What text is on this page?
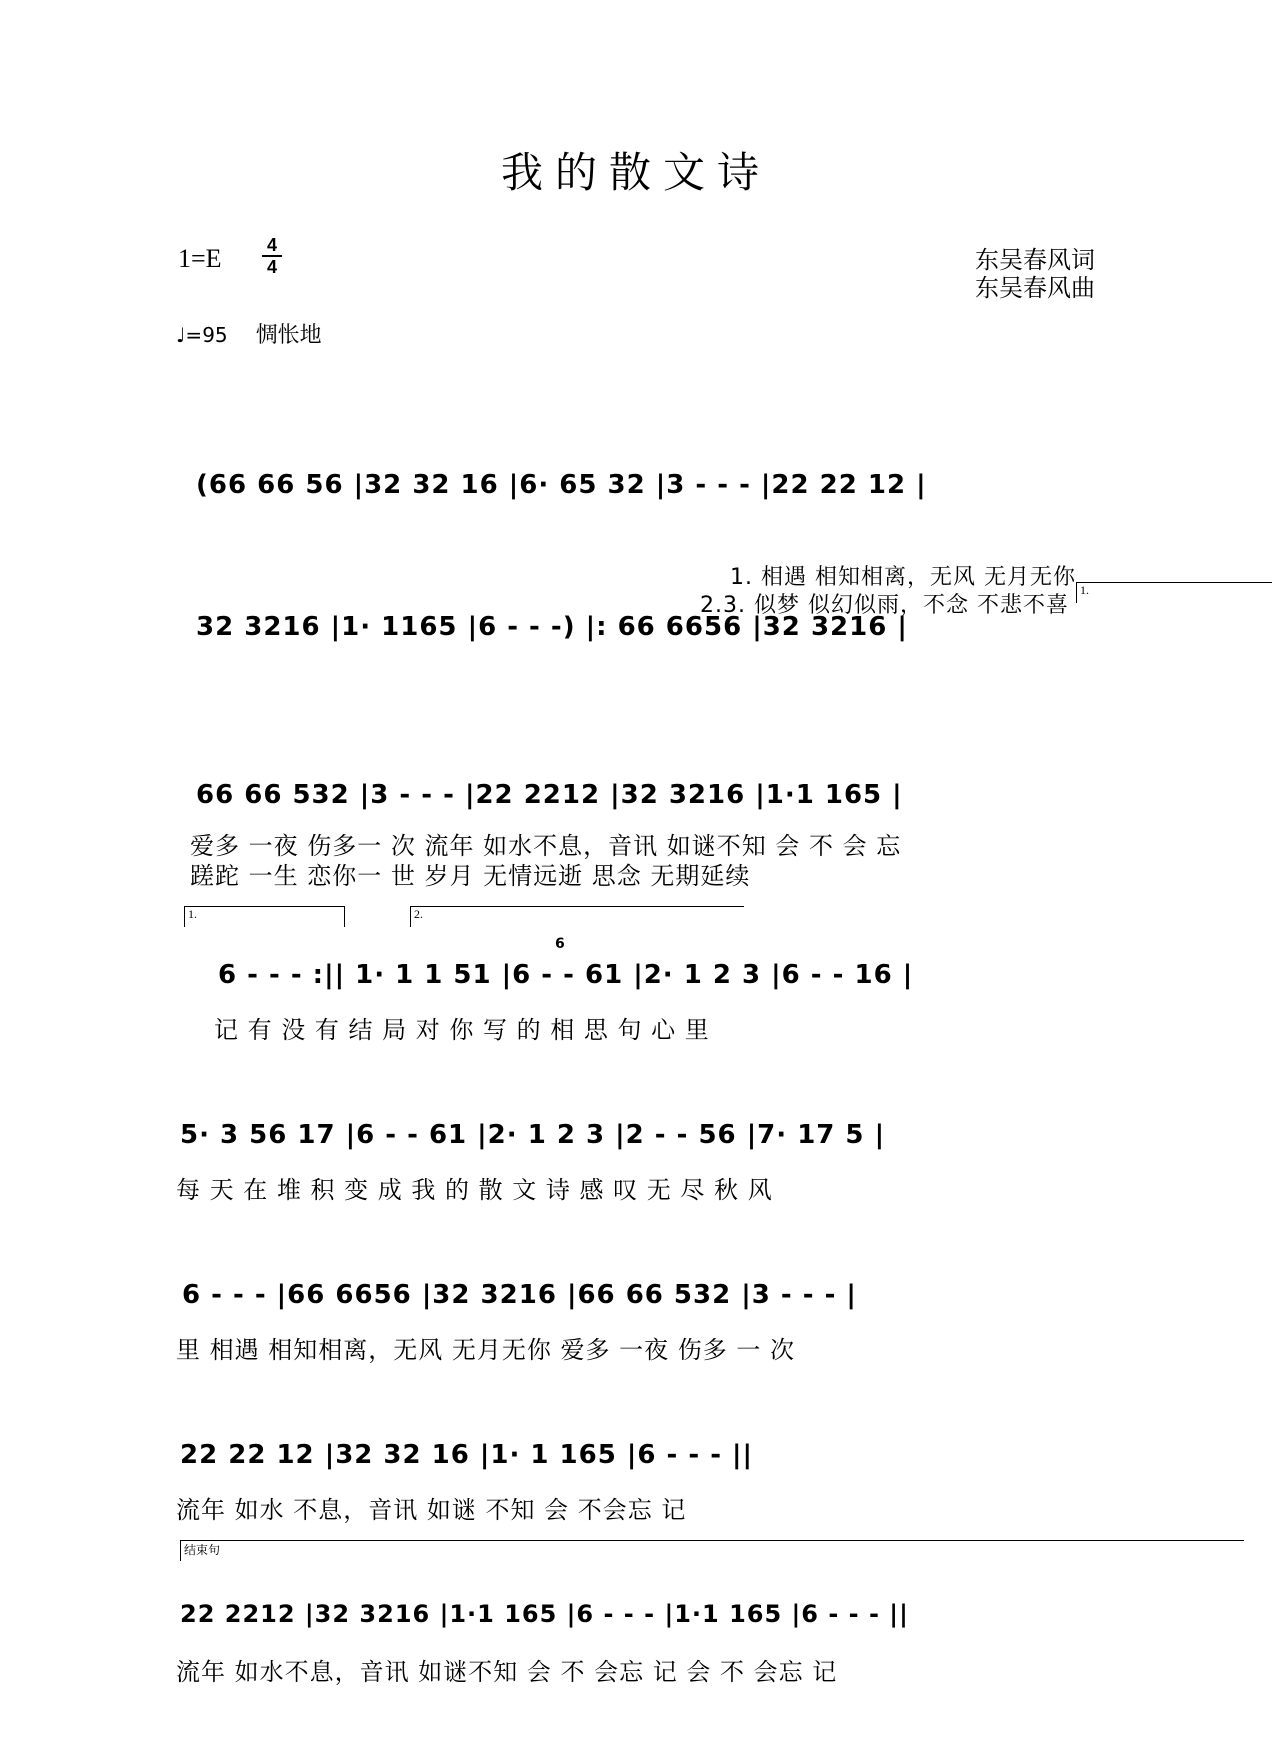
我的散文诗
1=E	4
4	东吴春风词
东吴春风曲
♩=95 惆怅地
(66 66 56 |32 32 16 |6· 65 32 |3 - - - |22 22 12 |
32 3216 |1· 1165 |6 - - -) |: 66 6656 |32 3216 |
1. 相遇 相知相离，无风 无月无你
2.3. 似梦 似幻似雨，不念 不悲不喜
1.
66 66 532 |3 - - - |22 2212 |32 3216 |1·1 165 |
爱多 一夜 伤多一 次 流年 如水不息，音讯 如谜不知 会 不 会 忘
蹉跎 一生 恋你一 世 岁月 无情远逝 思念 无期延续
1.	2.
6 - - - :|| 1· 1 1 51 |6 - - 61 |2· 1 2 3 |6 - - 16 |
6
记 有 没 有 结 局 对 你 写 的 相 思 句 心 里
5· 3 56 17 |6 - - 61 |2· 1 2 3 |2 - - 56 |7· 17 5 |
每 天 在 堆 积 变 成 我 的 散 文 诗 感 叹 无 尽 秋 风
6 - - - |66 6656 |32 3216 |66 66 532 |3 - - - |
里 相遇 相知相离，无风 无月无你 爱多 一夜 伤多 一 次
22 22 12 |32 32 16 |1· 1 165 |6 - - - ||
流年 如水 不息，音讯 如谜 不知 会 不会忘 记
结束句
22 2212 |32 3216 |1·1 165 |6 - - - |1·1 165 |6 - - - ||
流年 如水不息，音讯 如谜不知 会 不 会忘 记 会 不 会忘 记
